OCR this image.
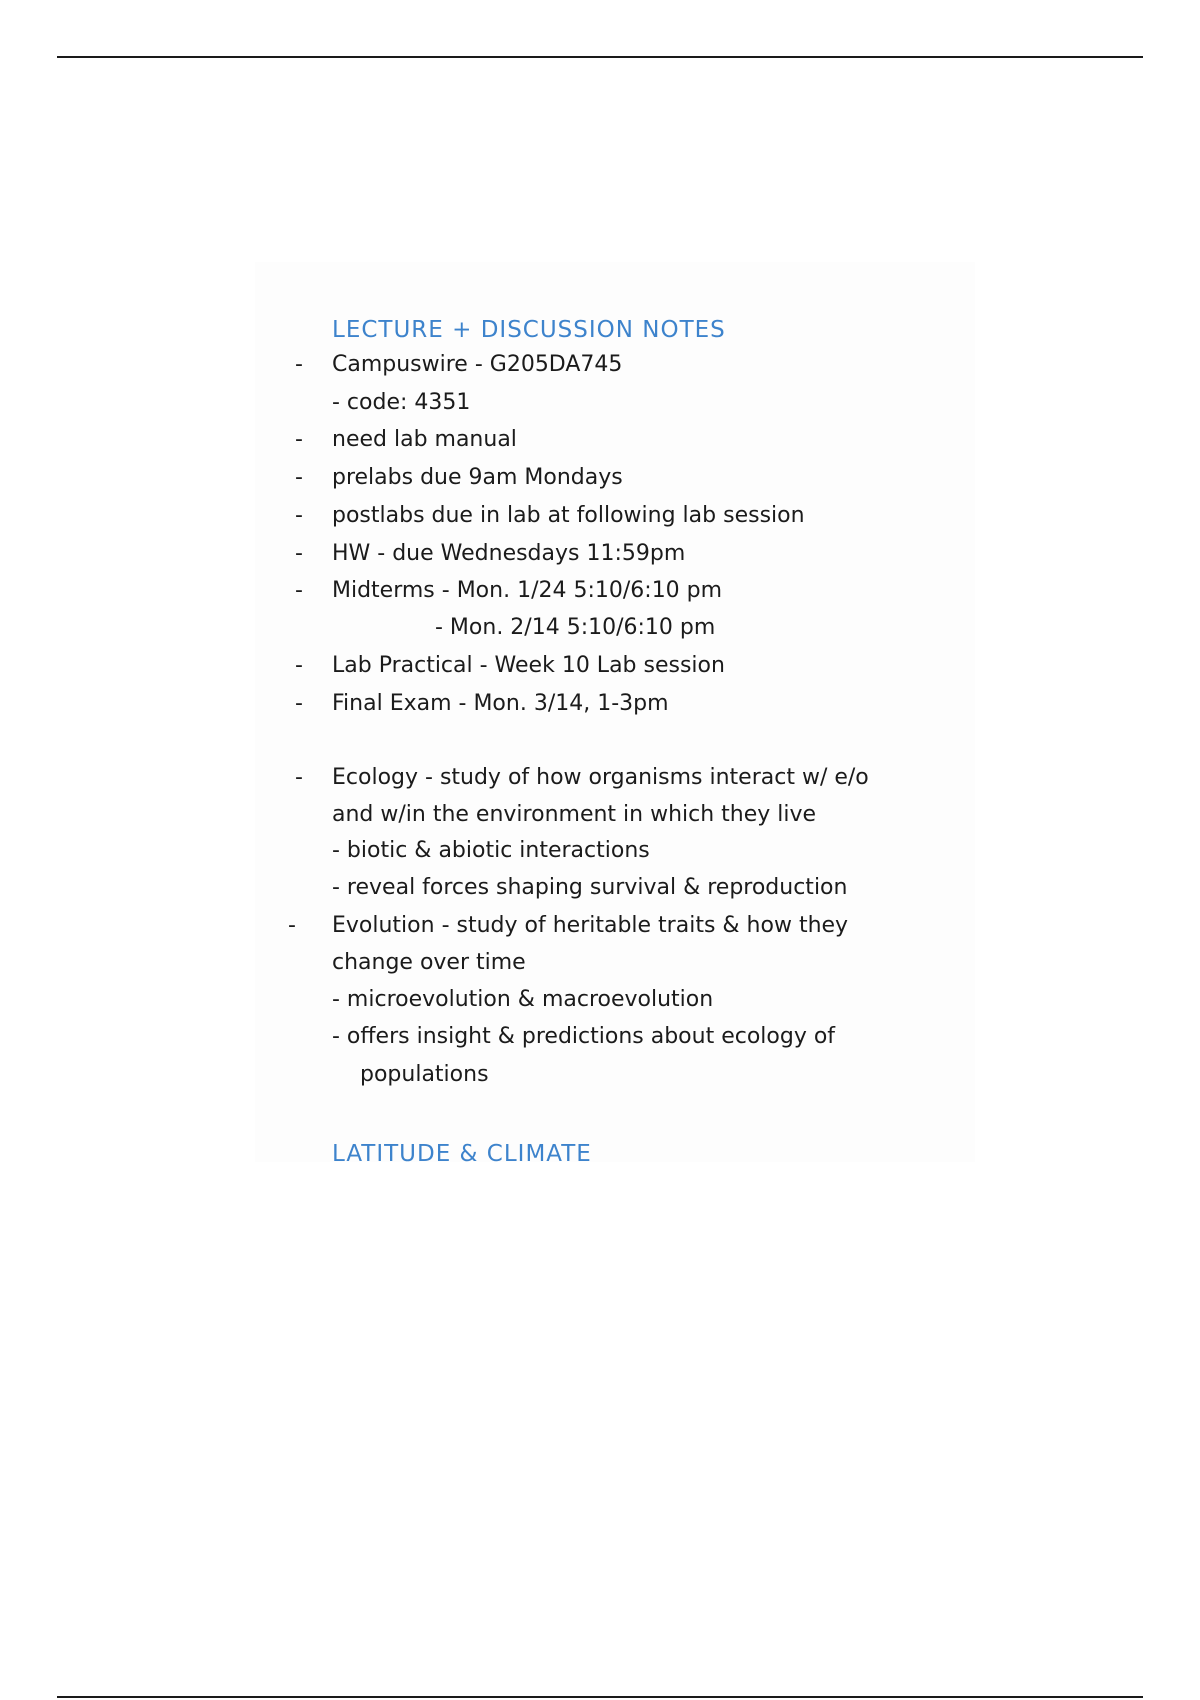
LECTURE + DISCUSSION NOTES
- Campuswire - G205DA745
- code: 4351
- need lab manual
- prelabs due 9am Mondays
- postlabs due in lab at following lab session
- HW - due Wednesdays 11:59pm
- Midterms - Mon. 1/24 5:10/6:10 pm
- Mon. 2/14 5:10/6:10 pm
- Lab Practical - Week 10 Lab session
- Final Exam - Mon. 3/14, 1-3pm
- Ecology - study of how organisms interact w/ e/o
and w/in the environment in which they live
- biotic & abiotic interactions
- reveal forces shaping survival & reproduction
- Evolution - study of heritable traits & how they
change over time
- microevolution & macroevolution
- offers insight & predictions about ecology of
populations
LATITUDE & CLIMATE
